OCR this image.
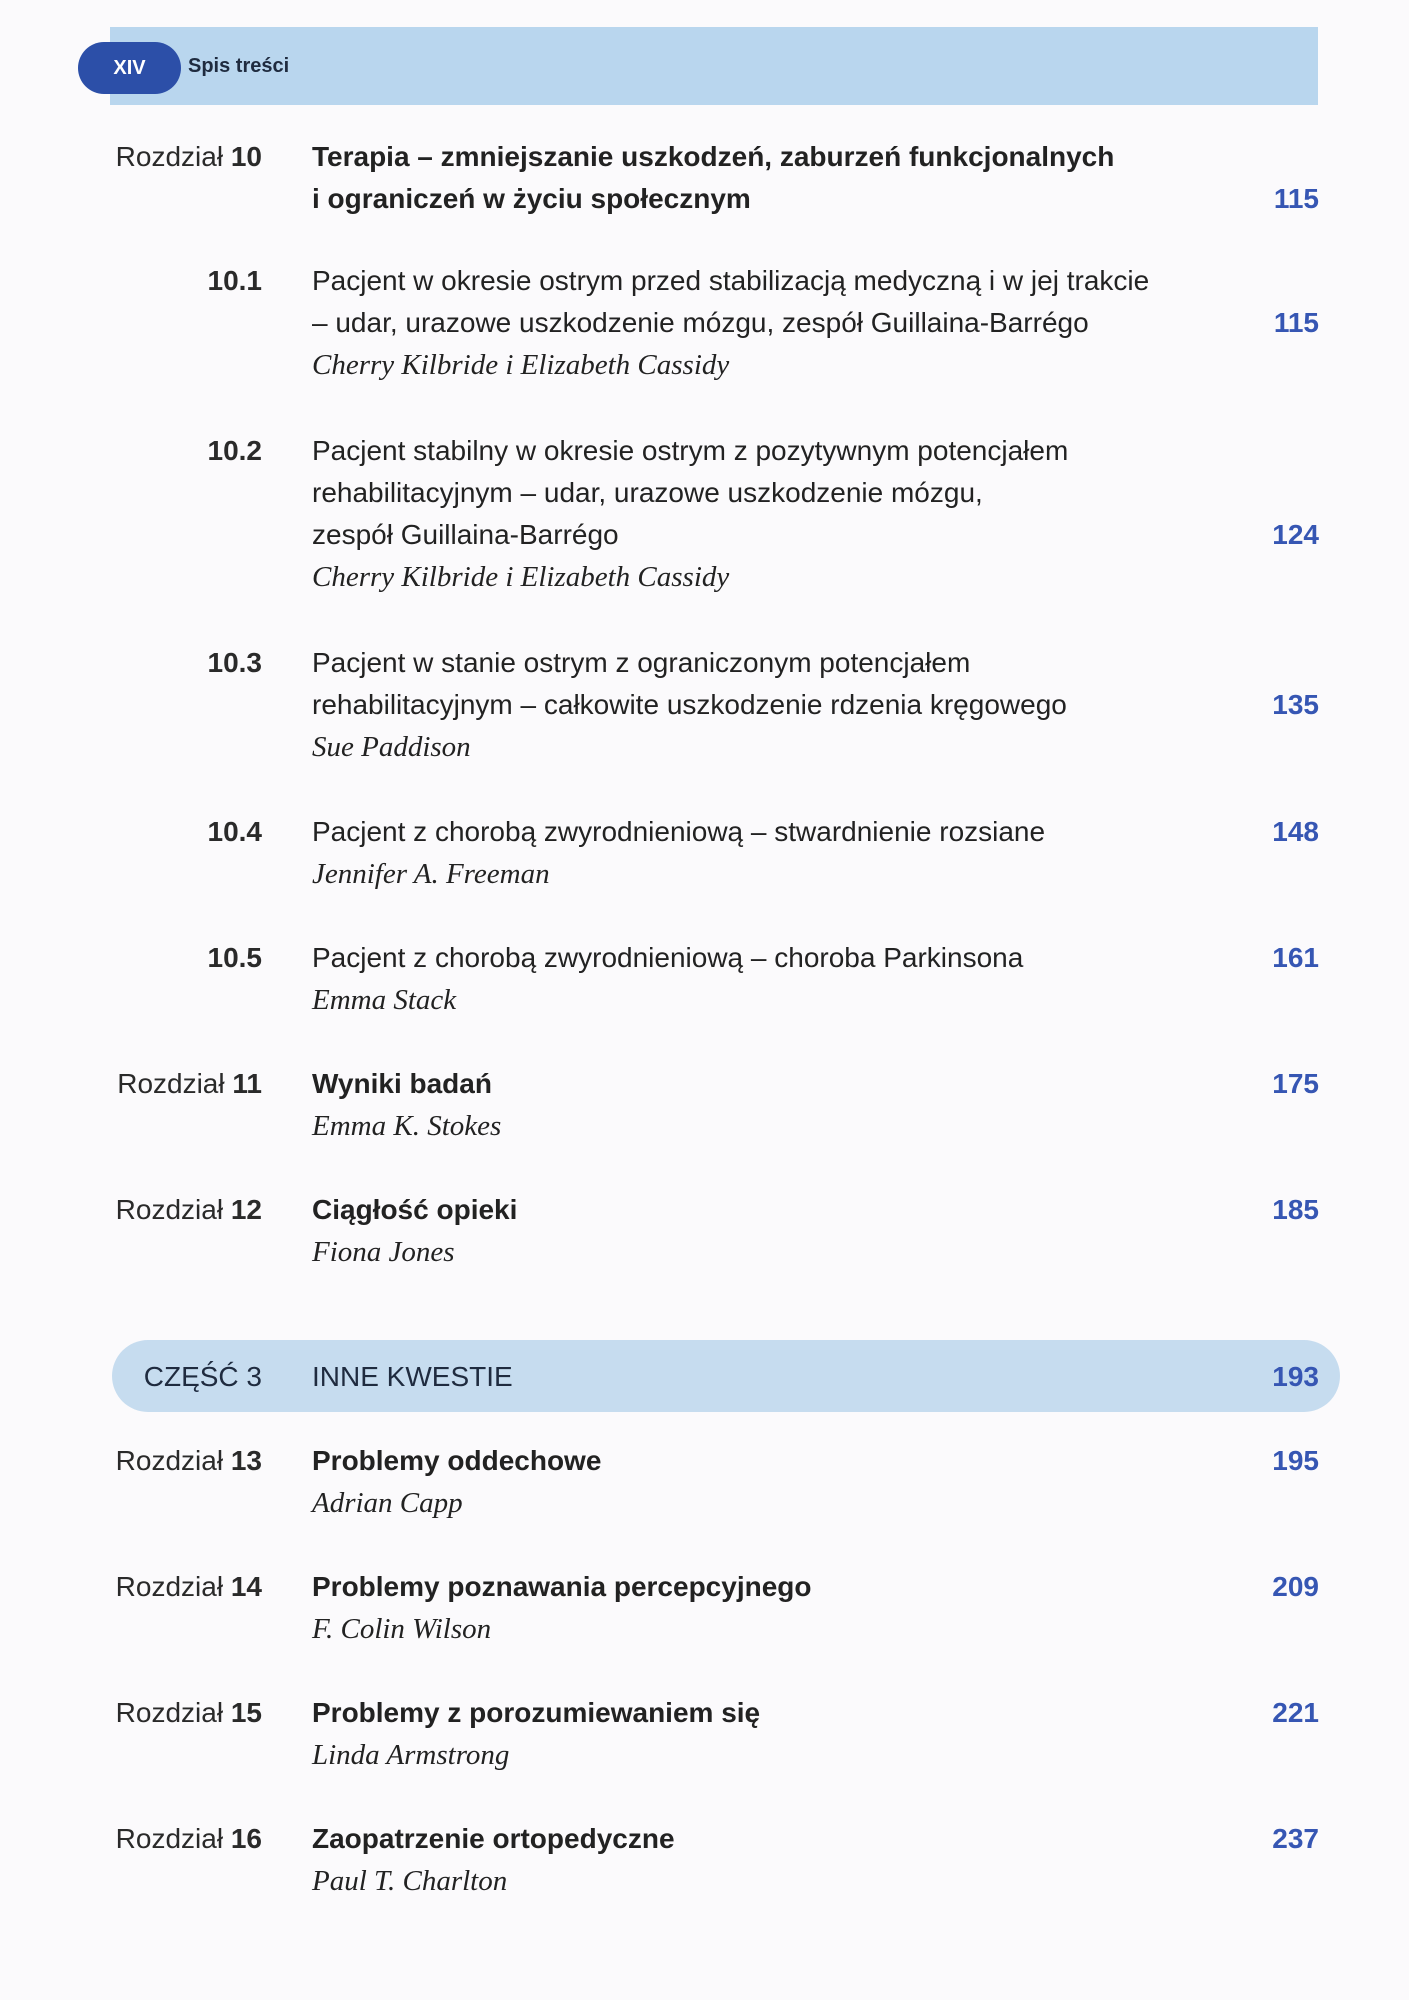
XIV	Spis treści
Rozdział 10 Terapia – zmniejszanie uszkodzeń, zaburzeń funkcjonalnych
i ograniczeń w życiu społecznym	115
10.1 Pacjent w okresie ostrym przed stabilizacją medyczną i w jej trakcie
– udar, urazowe uszkodzenie mózgu, zespół Guillaina-Barrégo
Cherry Kilbride i Elizabeth Cassidy
115
10.2 Pacjent stabilny w okresie ostrym z pozytywnym potencjałem
rehabilitacyjnym – udar, urazowe uszkodzenie mózgu,
zespół Guillaina-Barrégo
Cherry Kilbride i Elizabeth Cassidy
124
10.3 Pacjent w stanie ostrym z ograniczonym potencjałem
rehabilitacyjnym – całkowite uszkodzenie rdzenia kręgowego
Sue Paddison
135
10.4 Pacjent z chorobą zwyrodnieniową – stwardnienie rozsiane
Jennifer A. Freeman
148
10.5 Pacjent z chorobą zwyrodnieniową – choroba Parkinsona
Emma Stack
161
Rozdział 11 Wyniki badań
Emma K. Stokes
175
Rozdział 12 Ciągłość opieki
Fiona Jones
185
CZĘŚĆ 3 INNE KWESTIE	193
Rozdział 13 Problemy oddechowe
Adrian Capp
195
Rozdział 14 Problemy poznawania percepcyjnego
F. Colin Wilson
209
Rozdział 15 Problemy z porozumiewaniem się
Linda Armstrong
221
Rozdział 16 Zaopatrzenie ortopedyczne
Paul T. Charlton
237
